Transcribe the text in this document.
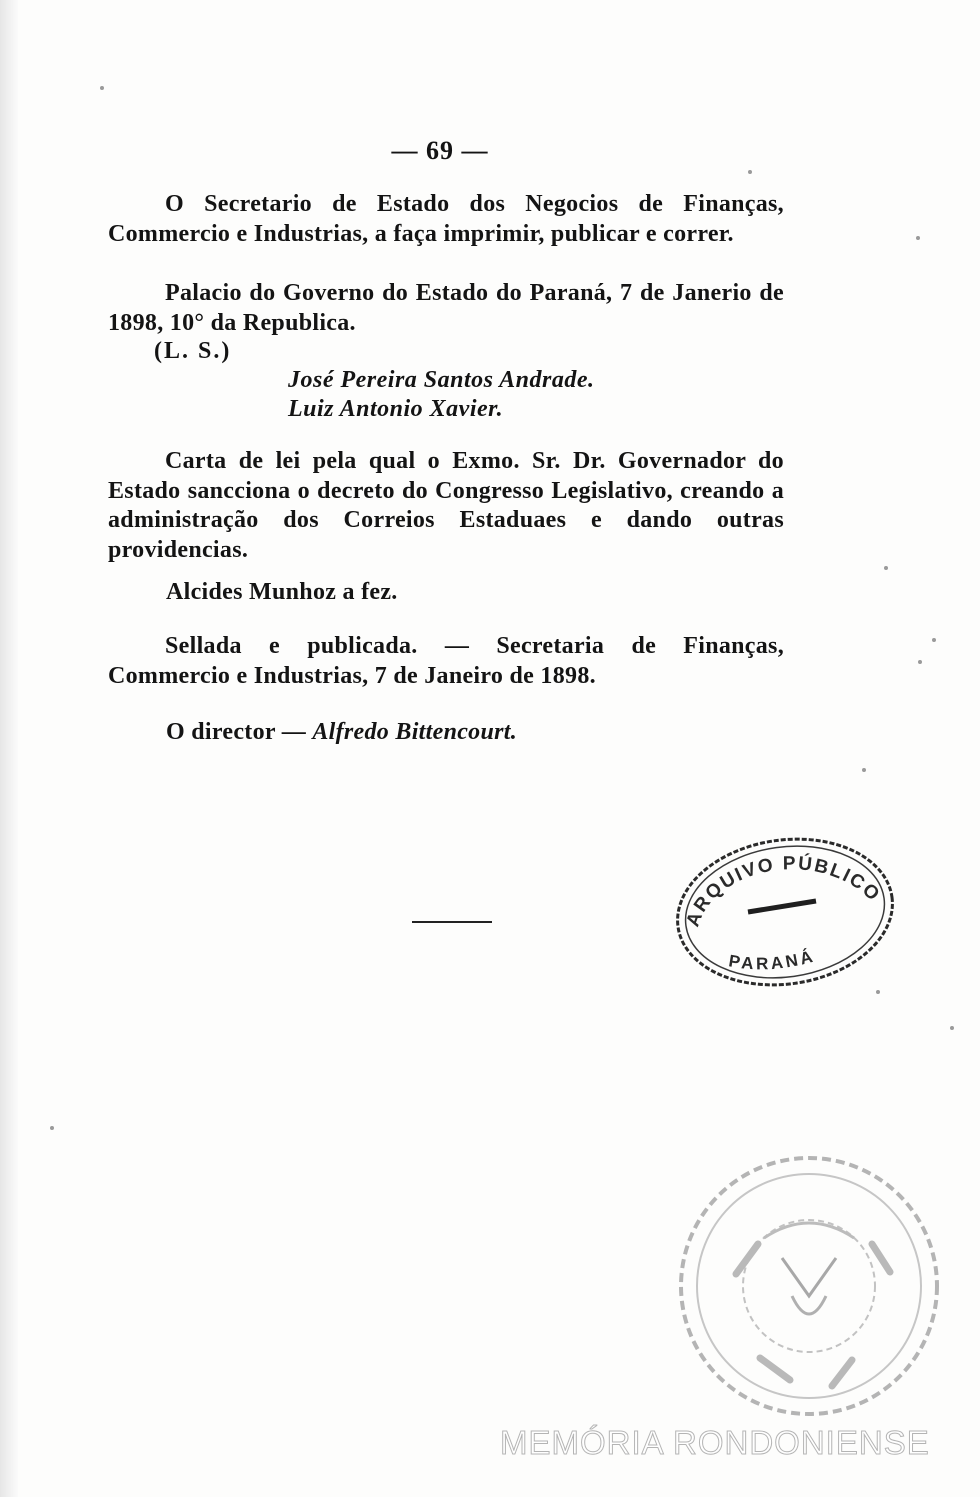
— 69 —

O Secretario de Estado dos Negocios de Finanças, Commercio e Industrias, a faça imprimir, publicar e correr.

Palacio do Governo do Estado do Paraná, 7 de Janerio de 1898, 10° da Republica.

(L. S.)
José Pereira Santos Andrade.
Luiz Antonio Xavier.

Carta de lei pela qual o Exmo. Sr. Dr. Governador do Estado sancciona o decreto do Congresso Legislativo, creando a administração dos Correios Estaduaes e dando outras providencias.

Alcides Munhoz a fez.

Sellada e publicada. — Secretaria de Finanças, Commercio e Industrias, 7 de Janeiro de 1898.

O director — Alfredo Bittencourt.
ARQUIVO PÚBLICO
PARANÁ
MEMÓRIA RONDONIENSE
